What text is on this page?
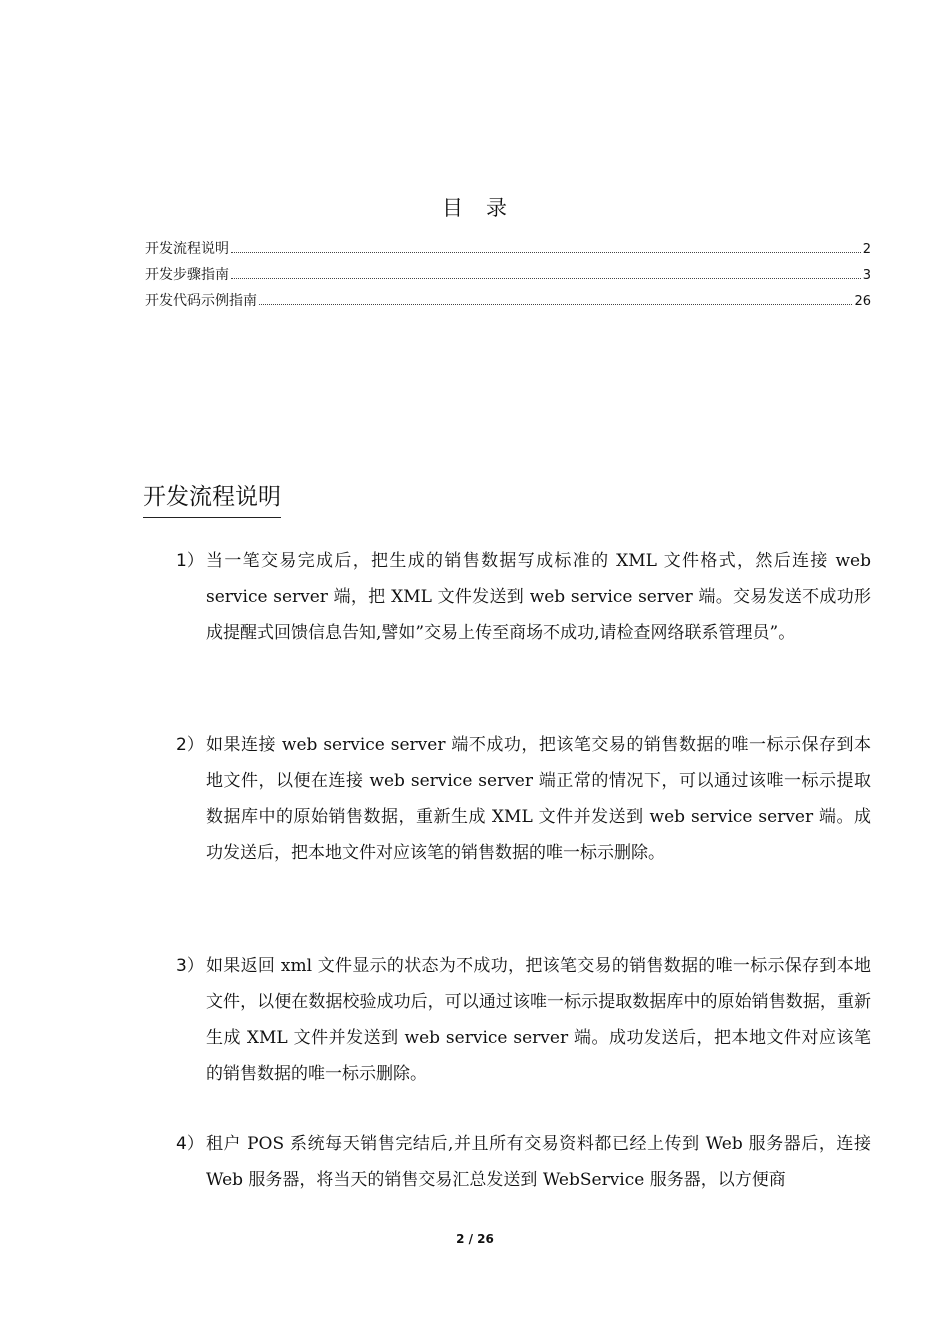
目　录
开发流程说明	2
开发步骤指南	3
开发代码示例指南	26
开发流程说明
1） 当一笔交易完成后，把生成的销售数据写成标准的 XML 文件格式，然后连接 web service server 端，把 XML 文件发送到 web service server 端。交易发送不成功形成提醒式回馈信息告知,譬如”交易上传至商场不成功,请检查网络联系管理员”。
2） 如果连接 web service server 端不成功，把该笔交易的销售数据的唯一标示保存到本地文件，以便在连接 web service server 端正常的情况下，可以通过该唯一标示提取数据库中的原始销售数据，重新生成 XML 文件并发送到 web service server 端。成功发送后，把本地文件对应该笔的销售数据的唯一标示删除。
3） 如果返回 xml 文件显示的状态为不成功，把该笔交易的销售数据的唯一标示保存到本地文件，以便在数据校验成功后，可以通过该唯一标示提取数据库中的原始销售数据，重新生成 XML 文件并发送到 web service server 端。成功发送后，把本地文件对应该笔的销售数据的唯一标示删除。
4） 租户 POS 系统每天销售完结后,并且所有交易资料都已经上传到 Web 服务器后，连接 Web 服务器，将当天的销售交易汇总发送到 WebService 服务器，以方便商
2 / 26
